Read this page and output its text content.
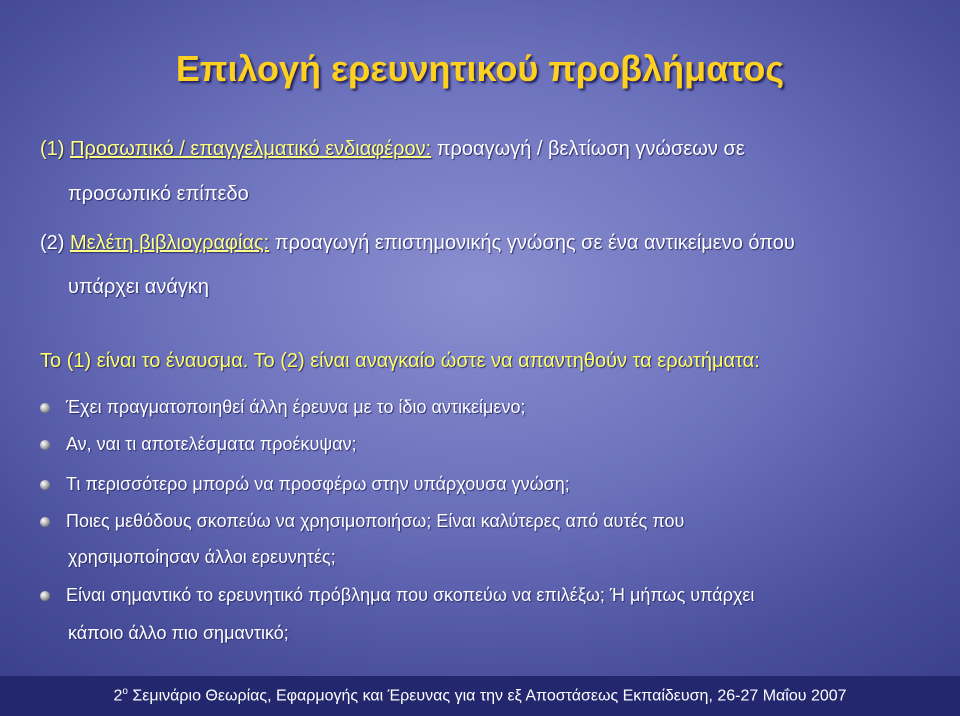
Επιλογή ερευνητικού προβλήματος
(1) Προσωπικό / επαγγελματικό ενδιαφέρον: προαγωγή / βελτίωση γνώσεων σε
προσωπικό επίπεδο
(2) Μελέτη βιβλιογραφίας: προαγωγή επιστημονικής γνώσης σε ένα αντικείμενο όπου
υπάρχει ανάγκη
Το (1) είναι το έναυσμα. Το (2) είναι αναγκαίο ώστε να απαντηθούν τα ερωτήματα:
Έχει πραγματοποιηθεί άλλη έρευνα με το ίδιο αντικείμενο;
Αν, ναι τι αποτελέσματα προέκυψαν;
Τι περισσότερο μπορώ να προσφέρω στην υπάρχουσα γνώση;
Ποιες μεθόδους σκοπεύω να χρησιμοποιήσω; Είναι καλύτερες από αυτές που
χρησιμοποίησαν άλλοι ερευνητές;
Είναι σημαντικό το ερευνητικό πρόβλημα που σκοπεύω να επιλέξω; Ή μήπως υπάρχει
κάποιο άλλο πιο σημαντικό;
$2^o$ Σεμινάριο Θεωρίας, Εφαρμογής και Έρευνας για την εξ Αποστάσεως Εκπαίδευση, 26-27 Μαΐου 2007
